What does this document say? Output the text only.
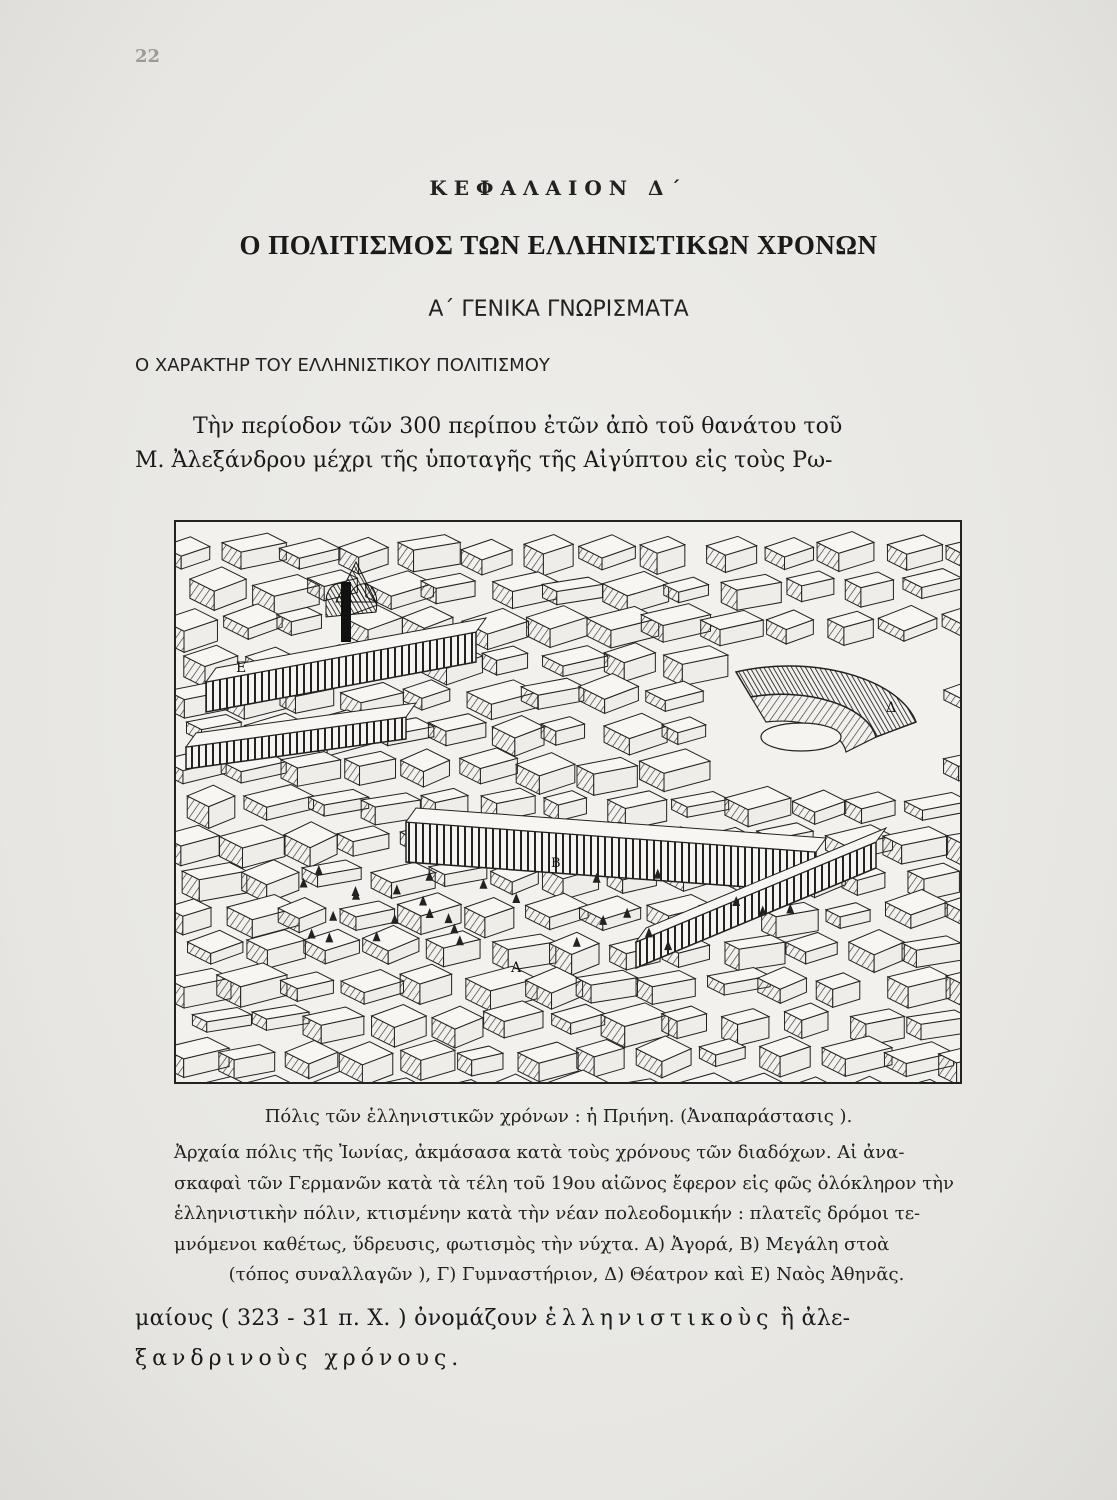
22
ΚΕΦΑΛΑΙΟΝ Δ΄
Ο ΠΟΛΙΤΙΣΜΟΣ ΤΩΝ ΕΛΛΗΝΙΣΤΙΚΩΝ ΧΡΟΝΩΝ
Α΄ ΓΕΝΙΚΑ ΓΝΩΡΙΣΜΑΤΑ
Ο ΧΑΡΑΚΤΗΡ ΤΟΥ ΕΛΛΗΝΙΣΤΙΚΟΥ ΠΟΛΙΤΙΣΜΟΥ
Τὴν περίοδον τῶν 300 περίπου ἐτῶν ἀπὸ τοῦ θανάτου τοῦ
Μ. Ἀλεξάνδρου μέχρι τῆς ὑποταγῆς τῆς Αἰγύπτου εἰς τοὺς Ρω-
Ε
Δ
Β
Α
Πόλις τῶν ἑλληνιστικῶν χρόνων : ἡ Πριήνη. (Ἀναπαράστασις ).
Ἀρχαία πόλις τῆς Ἰωνίας, ἀκμάσασα κατὰ τοὺς χρόνους τῶν διαδόχων. Αἱ ἀνα-
σκαφαὶ τῶν Γερμανῶν κατὰ τὰ τέλη τοῦ 19ου αἰῶνος ἔφερον εἰς φῶς ὁλόκληρον τὴν
ἑλληνιστικὴν πόλιν, κτισμένην κατὰ τὴν νέαν πολεοδομικήν : πλατεῖς δρόμοι τε-
μνόμενοι καθέτως, ὕδρευσις, φωτισμὸς τὴν νύχτα. Α) Ἀγορά, Β) Μεγάλη στοὰ
(τόπος συναλλαγῶν ), Γ) Γυμναστήριον, Δ) Θέατρον καὶ Ε) Ναὸς Ἀθηνᾶς.
μαίους ( 323 - 31 π. Χ. ) ὀνομάζουν ἑλληνιστικοὺς ἢ ἀλε-
ξανδρινοὺς χρόνους.
